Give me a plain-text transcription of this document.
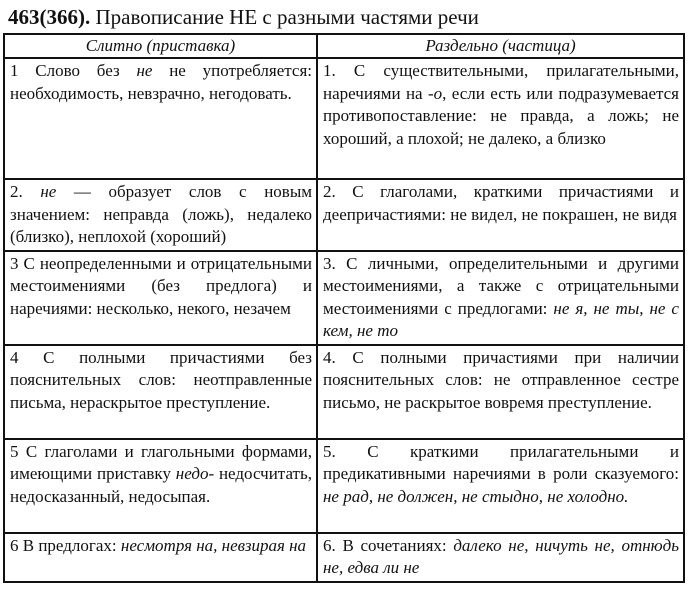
463(366). Правописание НЕ с разными частями речи
Слитно (приставка)	Раздельно (частица)
1 Слово без не не употребляется: необходимость, невзрачно, негодовать.	1. С существительными, прилагательными, наречиями на -о, если есть или подразумевается противопоставление: не правда, а ложь; не хороший, а плохой; не далеко, а близко
2. не — образует слов с новым значением: неправда (ложь), недалеко (близко), неплохой (хороший)	2. С глаголами, краткими причастиями и деепричастиями: не видел, не покрашен, не видя
3 С неопределенными и отрицательными местоимениями (без предлога) и наречиями: несколько, некого, незачем	3. С личными, определительными и другими местоимениями, а также с отрицательными местоимениями с предлогами: не я, не ты, не с кем, не то
4 С полными причастиями без пояснительных слов: неотправленные письма, нераскрытое преступление.	4. С полными причастиями при наличии пояснительных слов: не отправленное сестре письмо, не раскрытое вовремя преступление.
5 С глаголами и глагольными формами, имеющими приставку недо- недосчитать, недосказанный, недосыпая.	5. С краткими прилагательными и предикативными наречиями в роли сказуемого: не рад, не должен, не стыдно, не холодно.
6 В предлогах: несмотря на, невзирая на	6. В сочетаниях: далеко не, ничуть не, отнюдь не, едва ли не
